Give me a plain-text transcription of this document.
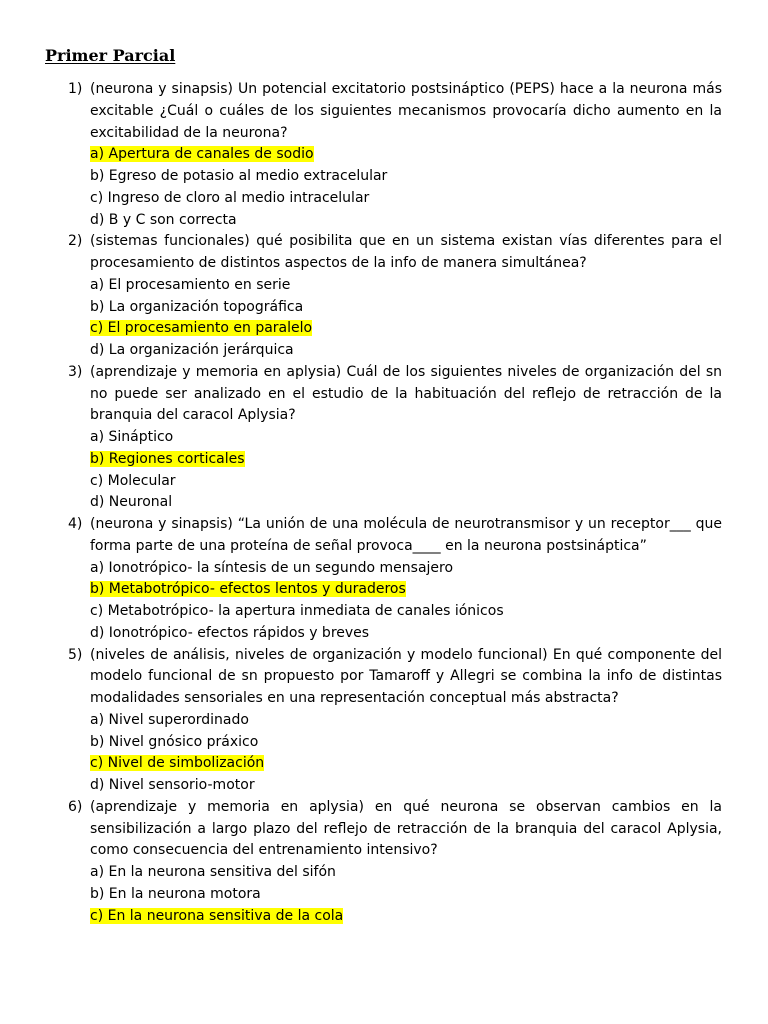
Primer Parcial
1) (neurona y sinapsis) Un potencial excitatorio postsináptico (PEPS) hace a la neurona más excitable ¿Cuál o cuáles de los siguientes mecanismos provocaría dicho aumento en la excitabilidad de la neurona?

a) Apertura de canales de sodio

b) Egreso de potasio al medio extracelular

c) Ingreso de cloro al medio intracelular

d) B y C son correcta

2) (sistemas funcionales) qué posibilita que en un sistema existan vías diferentes para el procesamiento de distintos aspectos de la info de manera simultánea?

a) El procesamiento en serie

b) La organización topográfica

c) El procesamiento en paralelo

d) La organización jerárquica

3) (aprendizaje y memoria en aplysia) Cuál de los siguientes niveles de organización del sn no puede ser analizado en el estudio de la habituación del reflejo de retracción de la branquia del caracol Aplysia?

a) Sináptico

b) Regiones corticales

c) Molecular

d) Neuronal

4) (neurona y sinapsis) “La unión de una molécula de neurotransmisor y un receptor___ que forma parte de una proteína de señal provoca____ en la neurona postsináptica”

a) Ionotrópico- la síntesis de un segundo mensajero

b) Metabotrópico- efectos lentos y duraderos

c) Metabotrópico- la apertura inmediata de canales iónicos

d) Ionotrópico- efectos rápidos y breves

5) (niveles de análisis, niveles de organización y modelo funcional) En qué componente del modelo funcional de sn propuesto por Tamaroff y Allegri se combina la info de distintas modalidades sensoriales en una representación conceptual más abstracta?

a) Nivel superordinado

b) Nivel gnósico práxico

c) Nivel de simbolización

d) Nivel sensorio-motor

6) (aprendizaje y memoria en aplysia) en qué neurona se observan cambios en la sensibilización a largo plazo del reflejo de retracción de la branquia del caracol Aplysia, como consecuencia del entrenamiento intensivo?

a) En la neurona sensitiva del sifón

b) En la neurona motora

c) En la neurona sensitiva de la cola
